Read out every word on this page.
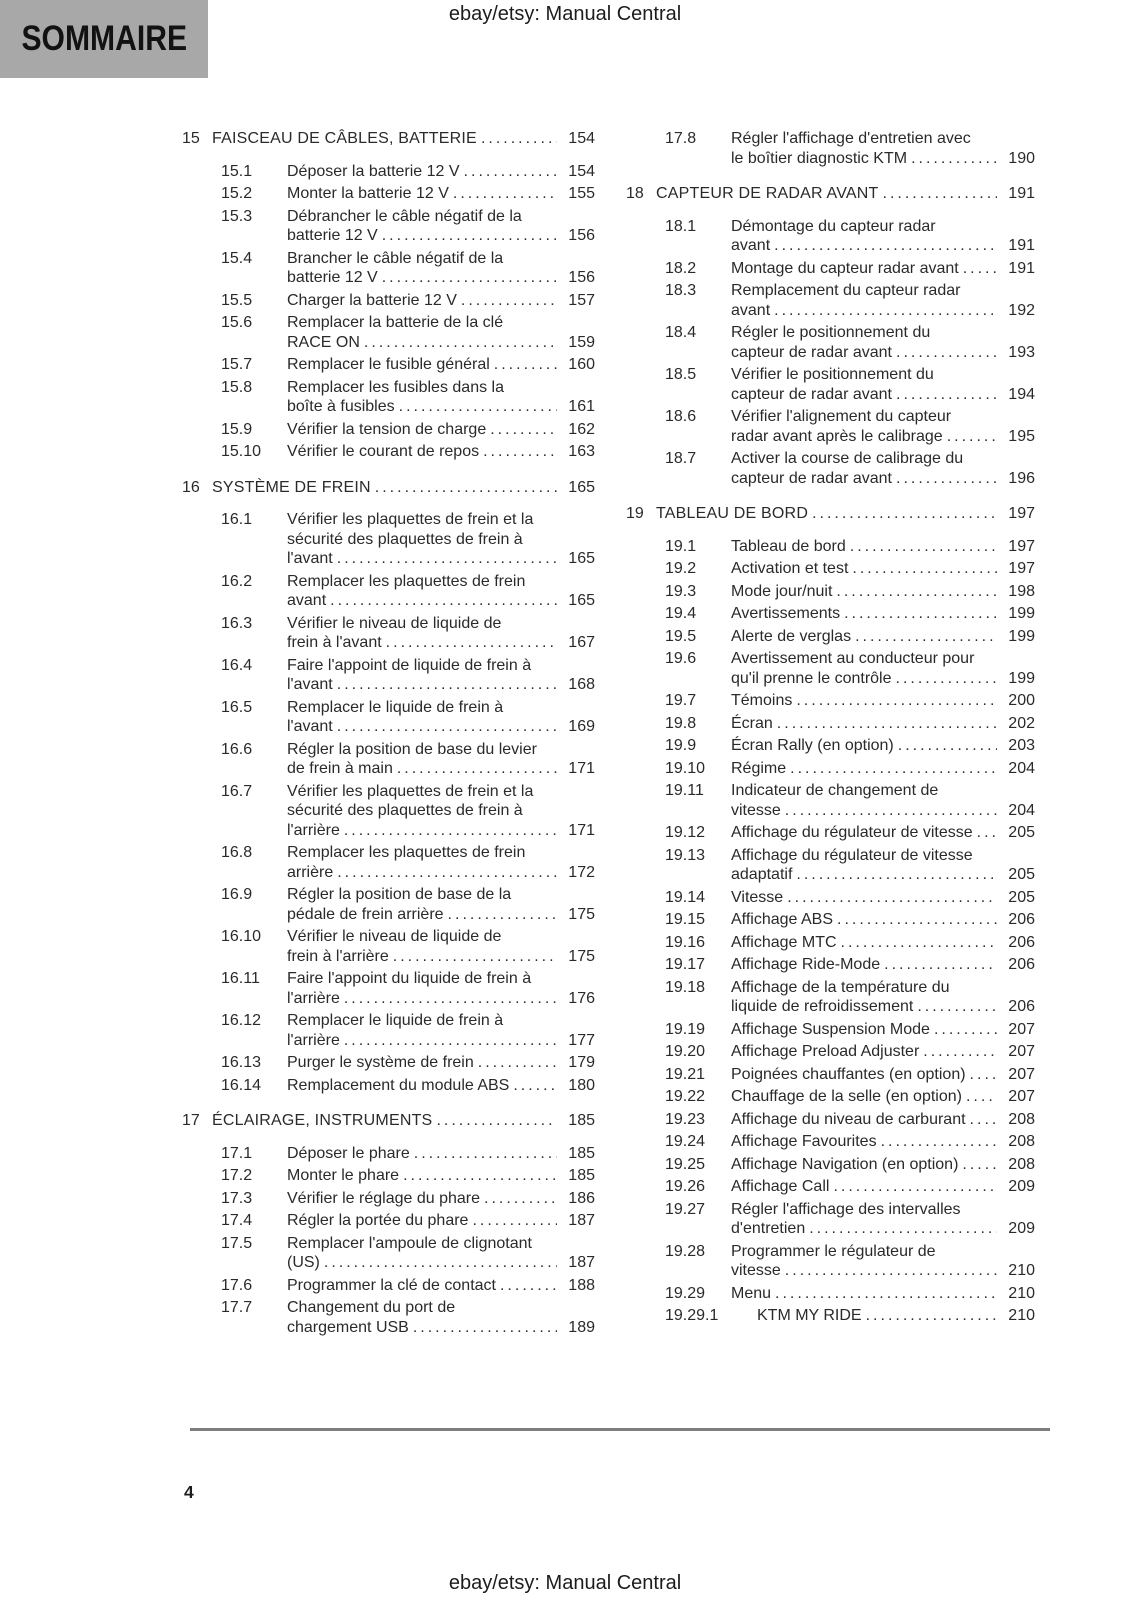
ebay/etsy: Manual Central
SOMMAIRE
15 FAISCEAU DE CÂBLES, BATTERIE .....	154
15.1	Déposer la batterie 12 V .....	154
15.2	Monter la batterie 12 V .....	155
15.3	Débrancher le câble négatif de la
batterie 12 V .....	156
15.4	Brancher le câble négatif de la
batterie 12 V .....	156
15.5	Charger la batterie 12 V .....	157
15.6	Remplacer la batterie de la clé
RACE ON .....	159
15.7	Remplacer le fusible général .....	160
15.8	Remplacer les fusibles dans la
boîte à fusibles .....	161
15.9	Vérifier la tension de charge .....	162
15.10	Vérifier le courant de repos .....	163
16 SYSTÈME DE FREIN .....	165
16.1	Vérifier les plaquettes de frein et la
sécurité des plaquettes de frein à
l'avant .....	165
16.2	Remplacer les plaquettes de frein
avant .....	165
16.3	Vérifier le niveau de liquide de
frein à l'avant .....	167
16.4	Faire l'appoint de liquide de frein à
l'avant .....	168
16.5	Remplacer le liquide de frein à
l'avant .....	169
16.6	Régler la position de base du levier
de frein à main .....	171
16.7	Vérifier les plaquettes de frein et la
sécurité des plaquettes de frein à
l'arrière .....	171
16.8	Remplacer les plaquettes de frein
arrière .....	172
16.9	Régler la position de base de la
pédale de frein arrière .....	175
16.10	Vérifier le niveau de liquide de
frein à l'arrière .....	175
16.11	Faire l'appoint du liquide de frein à
l'arrière .....	176
16.12	Remplacer le liquide de frein à
l'arrière .....	177
16.13	Purger le système de frein .....	179
16.14	Remplacement du module ABS .....	180
17 ÉCLAIRAGE, INSTRUMENTS .....	185
17.1	Déposer le phare .....	185
17.2	Monter le phare .....	185
17.3	Vérifier le réglage du phare .....	186
17.4	Régler la portée du phare .....	187
17.5	Remplacer l'ampoule de clignotant
(US) .....	187
17.6	Programmer la clé de contact .....	188
17.7	Changement du port de
chargement USB .....	189
17.8	Régler l'affichage d'entretien avec
le boîtier diagnostic KTM .....	190
18 CAPTEUR DE RADAR AVANT .....	191
18.1	Démontage du capteur radar
avant .....	191
18.2	Montage du capteur radar avant .....	191
18.3	Remplacement du capteur radar
avant .....	192
18.4	Régler le positionnement du
capteur de radar avant .....	193
18.5	Vérifier le positionnement du
capteur de radar avant .....	194
18.6	Vérifier l'alignement du capteur
radar avant après le calibrage .....	195
18.7	Activer la course de calibrage du
capteur de radar avant .....	196
19 TABLEAU DE BORD .....	197
19.1	Tableau de bord .....	197
19.2	Activation et test .....	197
19.3	Mode jour/nuit .....	198
19.4	Avertissements .....	199
19.5	Alerte de verglas .....	199
19.6	Avertissement au conducteur pour
qu'il prenne le contrôle .....	199
19.7	Témoins .....	200
19.8	Écran .....	202
19.9	Écran Rally (en option) .....	203
19.10	Régime .....	204
19.11	Indicateur de changement de
vitesse .....	204
19.12	Affichage du régulateur de vitesse .....	205
19.13	Affichage du régulateur de vitesse
adaptatif .....	205
19.14	Vitesse .....	205
19.15	Affichage ABS .....	206
19.16	Affichage MTC .....	206
19.17	Affichage Ride-Mode .....	206
19.18	Affichage de la température du
liquide de refroidissement .....	206
19.19	Affichage Suspension Mode .....	207
19.20	Affichage Preload Adjuster .....	207
19.21	Poignées chauffantes (en option) .....	207
19.22	Chauffage de la selle (en option) .....	207
19.23	Affichage du niveau de carburant .....	208
19.24	Affichage Favourites .....	208
19.25	Affichage Navigation (en option) .....	208
19.26	Affichage Call .....	209
19.27	Régler l'affichage des intervalles
d'entretien .....	209
19.28	Programmer le régulateur de
vitesse .....	210
19.29	Menu .....	210
19.29.1	KTM MY RIDE .....	210
4
ebay/etsy: Manual Central
